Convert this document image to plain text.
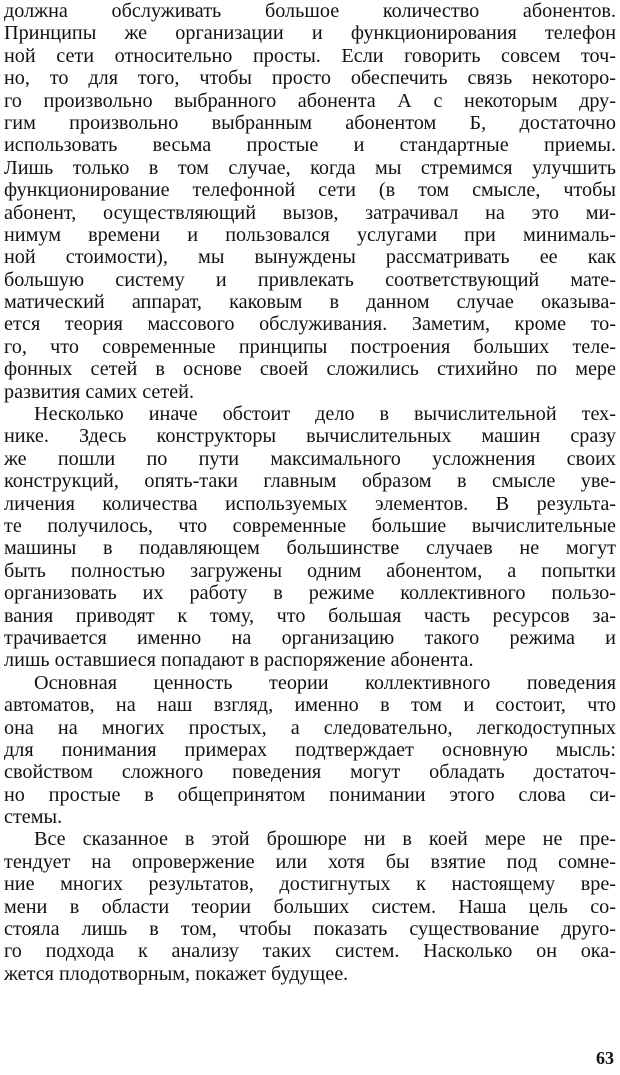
должна обслуживать большое количество абонентов.
Принципы же организации и функционирования телефон
ной сети относительно просты. Если говорить совсем точ-
но, то для того, чтобы просто обеспечить связь некоторо-
го произвольно выбранного абонента А с некоторым дру-
гим произвольно выбранным абонентом Б, достаточно
использовать весьма простые и стандартные приемы.
Лишь только в том случае, когда мы стремимся улучшить
функционирование телефонной сети (в том смысле, чтобы
абонент, осуществляющий вызов, затрачивал на это ми-
нимум времени и пользовался услугами при минималь-
ной стоимости), мы вынуждены рассматривать ее как
большую систему и привлекать соответствующий мате-
матический аппарат, каковым в данном случае оказыва-
ется теория массового обслуживания. Заметим, кроме то-
го, что современные принципы построения больших теле-
фонных сетей в основе своей сложились стихийно по мере
развития самих сетей.
Несколько иначе обстоит дело в вычислительной тех-
нике. Здесь конструкторы вычислительных машин сразу
же пошли по пути максимального усложнения своих
конструкций, опять-таки главным образом в смысле уве-
личения количества используемых элементов. В результа-
те получилось, что современные большие вычислительные
машины в подавляющем большинстве случаев не могут
быть полностью загружены одним абонентом, а попытки
организовать их работу в режиме коллективного пользо-
вания приводят к тому, что большая часть ресурсов за-
трачивается именно на организацию такого режима и
лишь оставшиеся попадают в распоряжение абонента.
Основная ценность теории коллективного поведения
автоматов, на наш взгляд, именно в том и состоит, что
она на многих простых, а следовательно, легкодоступных
для понимания примерах подтверждает основную мысль:
свойством сложного поведения могут обладать достаточ-
но простые в общепринятом понимании этого слова си-
стемы.
Все сказанное в этой брошюре ни в коей мере не пре-
тендует на опровержение или хотя бы взятие под сомне-
ние многих результатов, достигнутых к настоящему вре-
мени в области теории больших систем. Наша цель со-
стояла лишь в том, чтобы показать существование друго-
го подхода к анализу таких систем. Насколько он ока-
жется плодотворным, покажет будущее.
63
